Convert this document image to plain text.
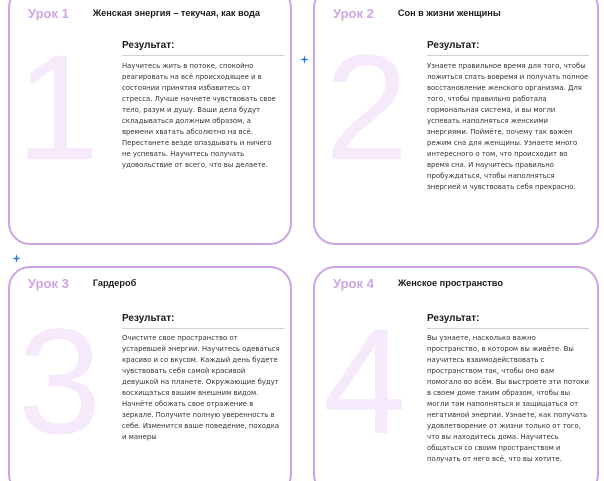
Урок 1	Женская энергия – текучая, как вода
1 Результат:
Научитесь жить в потоке, спокойно реагировать на всё происходящее и в состоянии принятия избавитесь от стресса. Лучше начнете чувствовать свое тело, разум и душу. Ваши дела будут складываться должным образом, а времени хватать абсолютно на всё. Перестанете везде опаздывать и ничего не успевать. Научитесь получать удовольствие от всего, что вы делаете.
Урок 2	Сон в жизни женщины
2 Результат:
Узнаете правильное время для того, чтобы ложиться спать вовремя и получать полное восстановление женского организма. Для того, чтобы правильно работала гормональная система, и вы могли успевать наполняться женскими энергиями. Поймёте, почему так важен режим сна для женщины. Узнаете много интересного о том, что происходит во время сна. И научитесь правильно пробуждаться, чтобы наполняться энергией и чувствовать себя прекрасно.
Урок 3	Гардероб
3 Результат:
Очистите свое пространство от устаревшей энергии. Научитесь одеваться красиво и со вкусом. Каждый день будете чувствовать себя самой красивой девушкой на планете. Окружающие будут восхищаться вашим внешним видом. Начнёте обожать свое отражение в зеркале. Получите полную уверенность в себе. Изменится ваше поведение, походка и манеры
Урок 4	Женское пространство
4 Результат:
Вы узнаете, насколько важно пространство, в котором вы живёте. Вы научитесь взаимодействовать с пространством так, чтобы оно вам помогало во всём. Вы выстроете эти потоки в своем доме таким образом, чтобы вы могли там наполняться и защищаться от негативной энергии. Узнаете, как получать удовлетворение от жизни только от того, что вы находитесь дома. Научитесь общаться со своим пространством и получать от него всё, что вы хотите.
